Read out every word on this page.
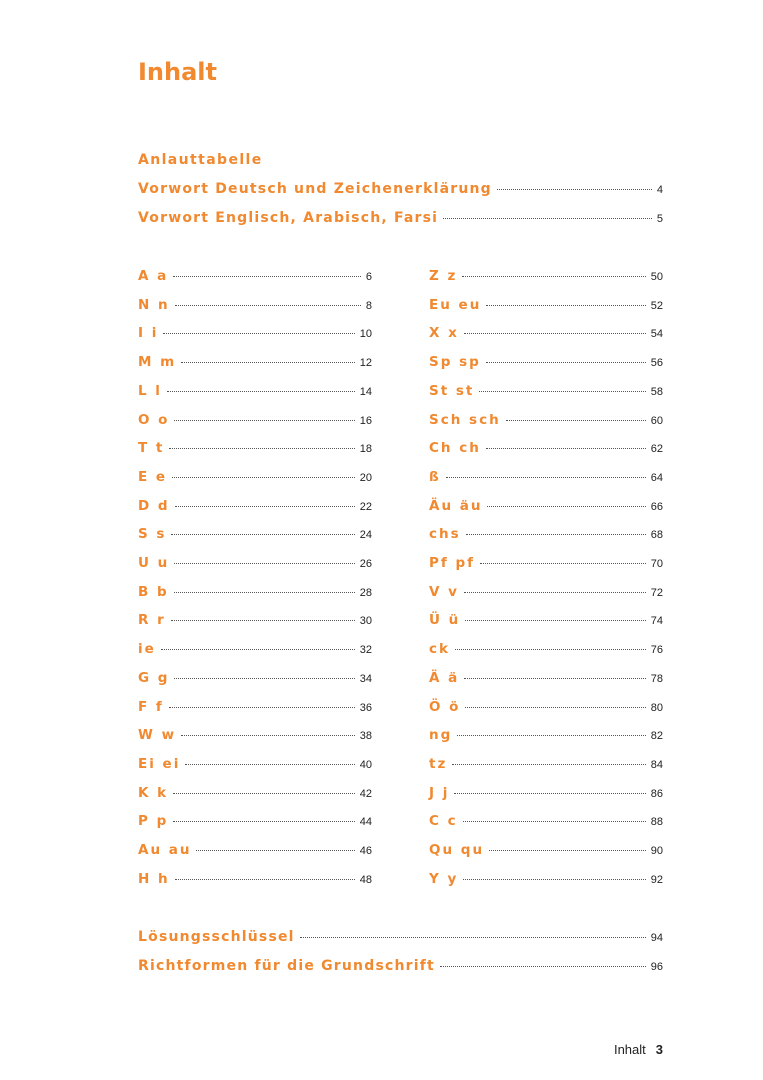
Inhalt
Anlauttabelle
Vorwort Deutsch und Zeichenerklärung	4
Vorwort Englisch, Arabisch, Farsi	5
A a	6
N n	8
I i	10
M m	12
L l	14
O o	16
T t	18
E e	20
D d	22
S s	24
U u	26
B b	28
R r	30
ie	32
G g	34
F f	36
W w	38
Ei ei	40
K k	42
P p	44
Au au	46
H h	48
Z z	50
Eu eu	52
X x	54
Sp sp	56
St st	58
Sch sch	60
Ch ch	62
ß	64
Äu äu	66
chs	68
Pf pf	70
V v	72
Ü ü	74
ck	76
Ä ä	78
Ö ö	80
ng	82
tz	84
J j	86
C c	88
Qu qu	90
Y y	92
Lösungsschlüssel	94
Richtformen für die Grundschrift	96
Inhalt 3
